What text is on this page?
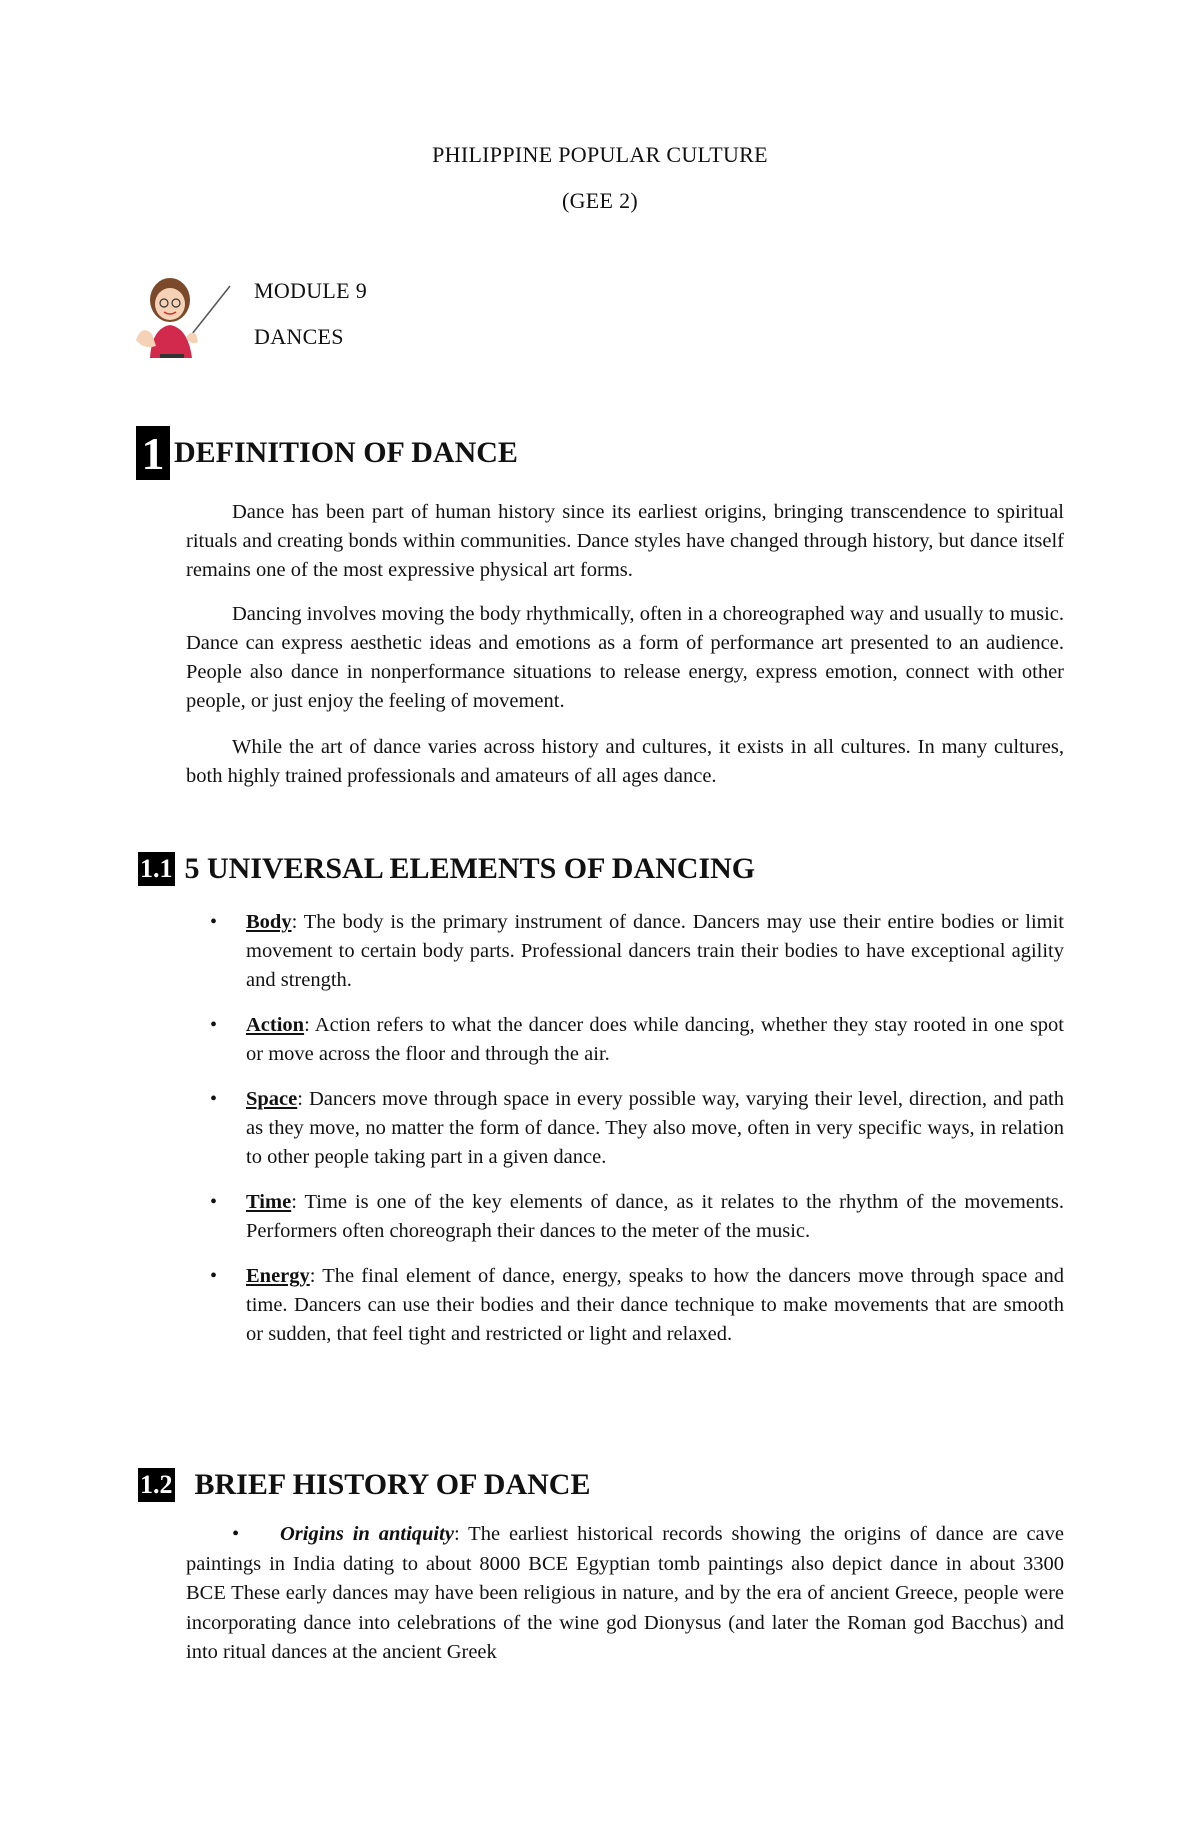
PHILIPPINE POPULAR CULTURE
(GEE 2)
MODULE 9
DANCES
1 DEFINITION OF DANCE

Dance has been part of human history since its earliest origins, bringing transcendence to spiritual rituals and creating bonds within communities. Dance styles have changed through history, but dance itself remains one of the most expressive physical art forms.

Dancing involves moving the body rhythmically, often in a choreographed way and usually to music. Dance can express aesthetic ideas and emotions as a form of performance art presented to an audience. People also dance in nonperformance situations to release energy, express emotion, connect with other people, or just enjoy the feeling of movement.

While the art of dance varies across history and cultures, it exists in all cultures. In many cultures, both highly trained professionals and amateurs of all ages dance.

1.1 5 UNIVERSAL ELEMENTS OF DANCING
• Body: The body is the primary instrument of dance. Dancers may use their entire bodies or limit movement to certain body parts. Professional dancers train their bodies to have exceptional agility and strength.
• Action: Action refers to what the dancer does while dancing, whether they stay rooted in one spot or move across the floor and through the air.
• Space: Dancers move through space in every possible way, varying their level, direction, and path as they move, no matter the form of dance. They also move, often in very specific ways, in relation to other people taking part in a given dance.
• Time: Time is one of the key elements of dance, as it relates to the rhythm of the movements. Performers often choreograph their dances to the meter of the music.
• Energy: The final element of dance, energy, speaks to how the dancers move through space and time. Dancers can use their bodies and their dance technique to make movements that are smooth or sudden, that feel tight and restricted or light and relaxed.
1.2 BRIEF HISTORY OF DANCE

• Origins in antiquity: The earliest historical records showing the origins of dance are cave paintings in India dating to about 8000 BCE Egyptian tomb paintings also depict dance in about 3300 BCE These early dances may have been religious in nature, and by the era of ancient Greece, people were incorporating dance into celebrations of the wine god Dionysus (and later the Roman god Bacchus) and into ritual dances at the ancient Greek
